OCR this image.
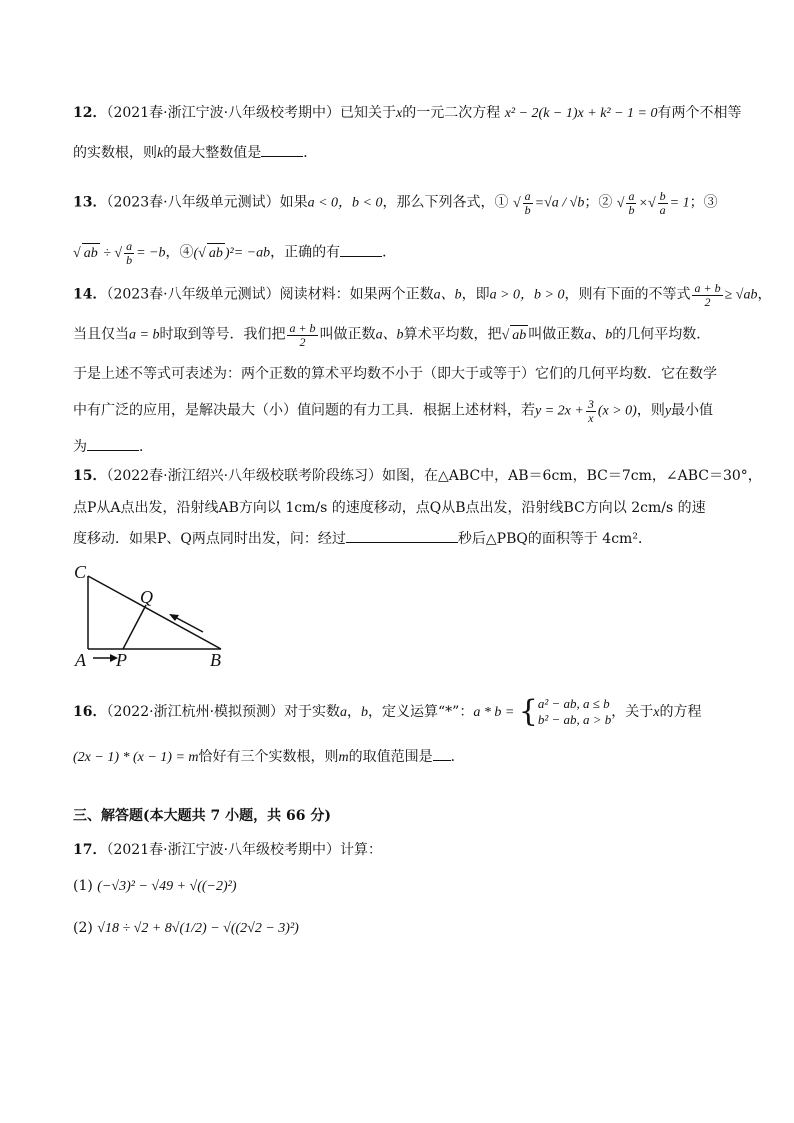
12．（2021春·浙江宁波·八年级校考期中）已知关于x的一元二次方程 x² − 2(k − 1)x + k² − 1 = 0有两个不相等
的实数根，则k的最大整数值是	．
13．（2023春·八年级单元测试）如果a < 0，b < 0，那么下列各式，① √ $\frac{a}{b} =√a / √b$；② √ $\frac{a}{b}$ ×√ $\frac{b}{a} = 1$；③
√ ab ÷ √ $\frac{a}{b} = -b$，④(√ ab )²= −ab，正确的有	．
14．（2023春·八年级单元测试）阅读材料：如果两个正数a、b，即a > 0，b > 0，则有下面的不等式 $\frac{a + b}{2} \ge √ab$，
当且仅当a = b时取到等号．我们把 $\frac{a + b}{2}$ 叫做正数a、b算术平均数，把√ ab 叫做正数a、b的几何平均数．
于是上述不等式可表述为：两个正数的算术平均数不小于（即大于或等于）它们的几何平均数．它在数学
中有广泛的应用，是解决最大（小）值问题的有力工具．根据上述材料，若$y = 2x + \frac{3}{x} (x > 0)$，则y最小值
为	．
15．（2022春·浙江绍兴·八年级校联考阶段练习）如图，在△ABC中，AB＝6cm，BC＝7cm，∠ABC＝30°，
点P从A点出发，沿射线AB方向以 1cm/s 的速度移动，点Q从B点出发，沿射线BC方向以 2cm/s 的速
度移动．如果P、Q两点同时出发，问：经过	秒后△PBQ的面积等于 4cm²．
C
Q
A P	B
16．（2022·浙江杭州·模拟预测）对于实数a，b，定义运算“*”：a * b = { a² − ab, a ≤ b
b² − ab, a > b ，关于x的方程
(2x − 1) * (x − 1) = m恰好有三个实数根，则m的取值范围是 ．
三、解答题(本大题共 7 小题，共 66 分)
17．（2021春·浙江宁波·八年级校考期中）计算：
(1) (−√3)² − √49 + √((−2)²)
(2) √18 ÷ √2 + 8√(1/2) − √((2√2 − 3)²)
